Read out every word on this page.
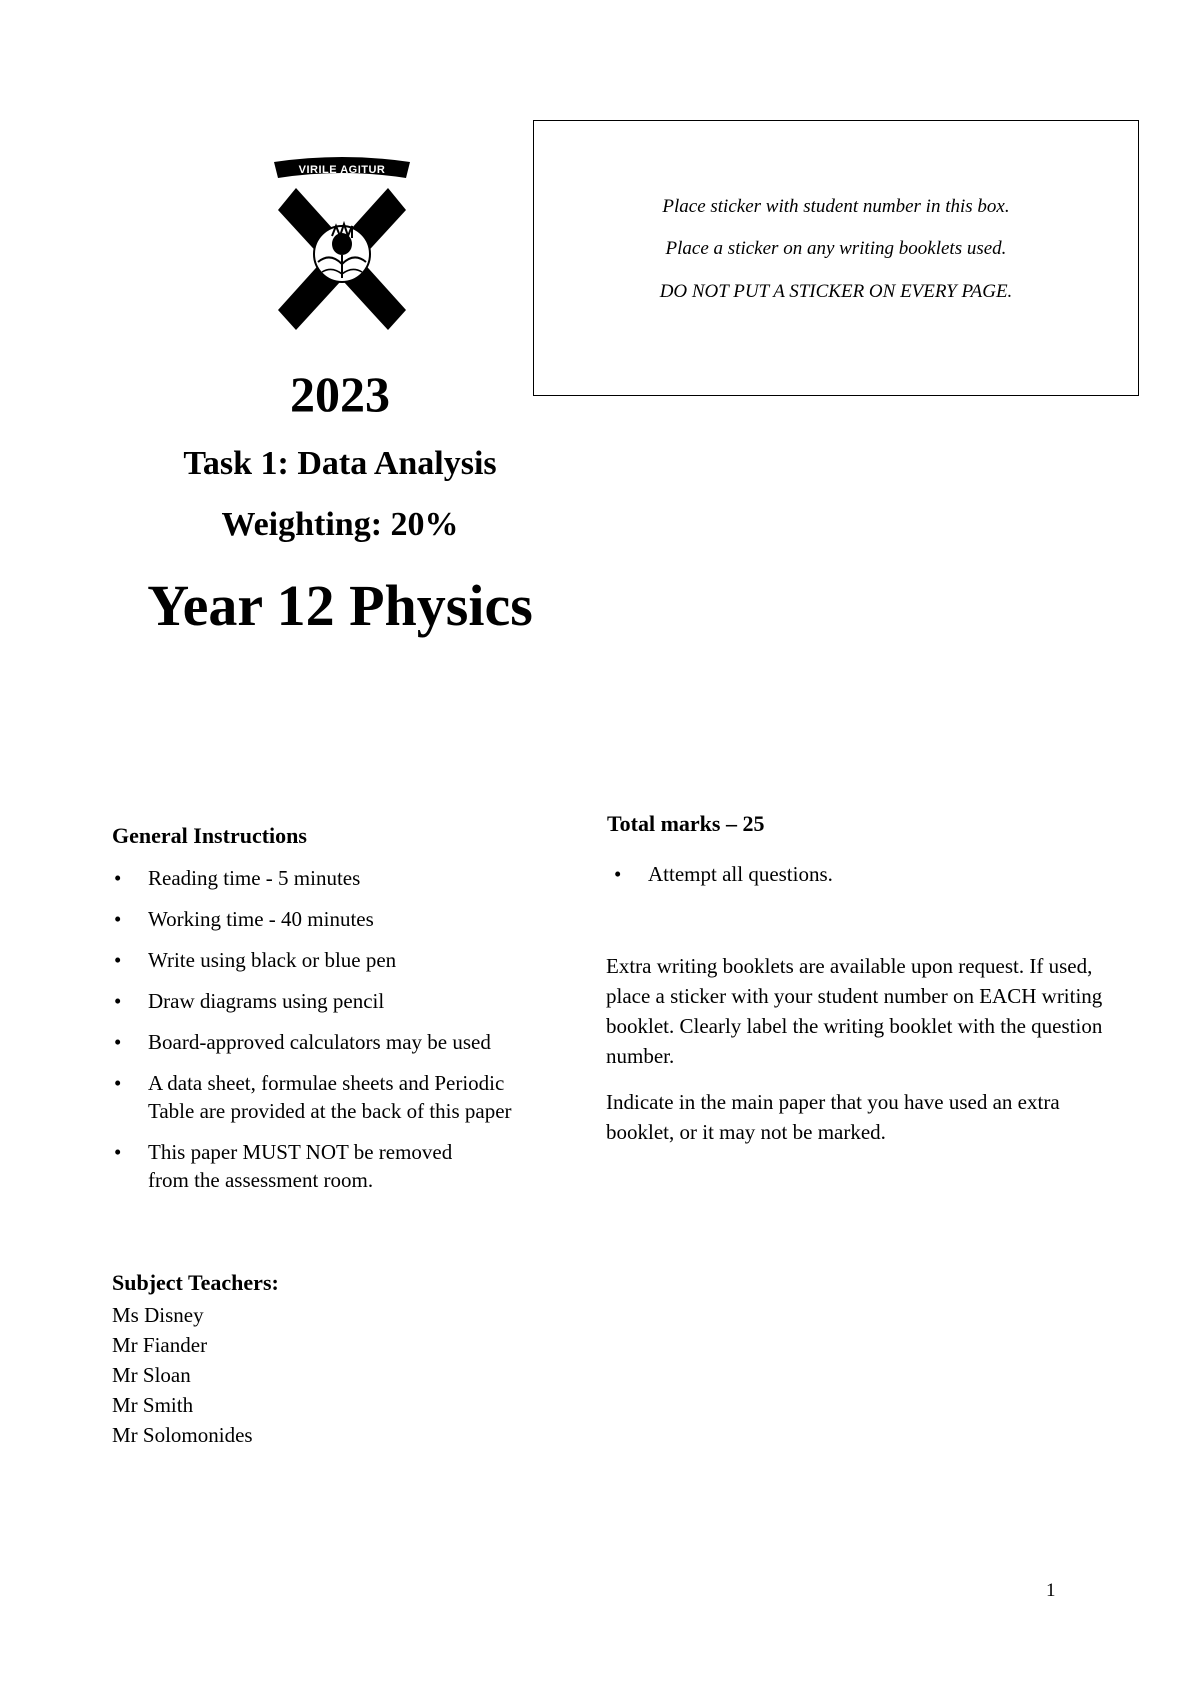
VIRILE AGITUR
Place sticker with student number in this box.
Place a sticker on any writing booklets used.
DO NOT PUT A STICKER ON EVERY PAGE.
2023
Task 1: Data Analysis
Weighting: 20%
Year 12 Physics
General Instructions
• Reading time - 5 minutes
• Working time - 40 minutes
• Write using black or blue pen
• Draw diagrams using pencil
• Board-approved calculators may be used
• A data sheet, formulae sheets and Periodic Table are provided at the back of this paper
• This paper MUST NOT be removed from the assessment room.
Total marks – 25
• Attempt all questions.

Extra writing booklets are available upon request. If used, place a sticker with your student number on EACH writing booklet. Clearly label the writing booklet with the question number.

Indicate in the main paper that you have used an extra booklet, or it may not be marked.

Subject Teachers:
Ms Disney
Mr Fiander
Mr Sloan
Mr Smith
Mr Solomonides
1
